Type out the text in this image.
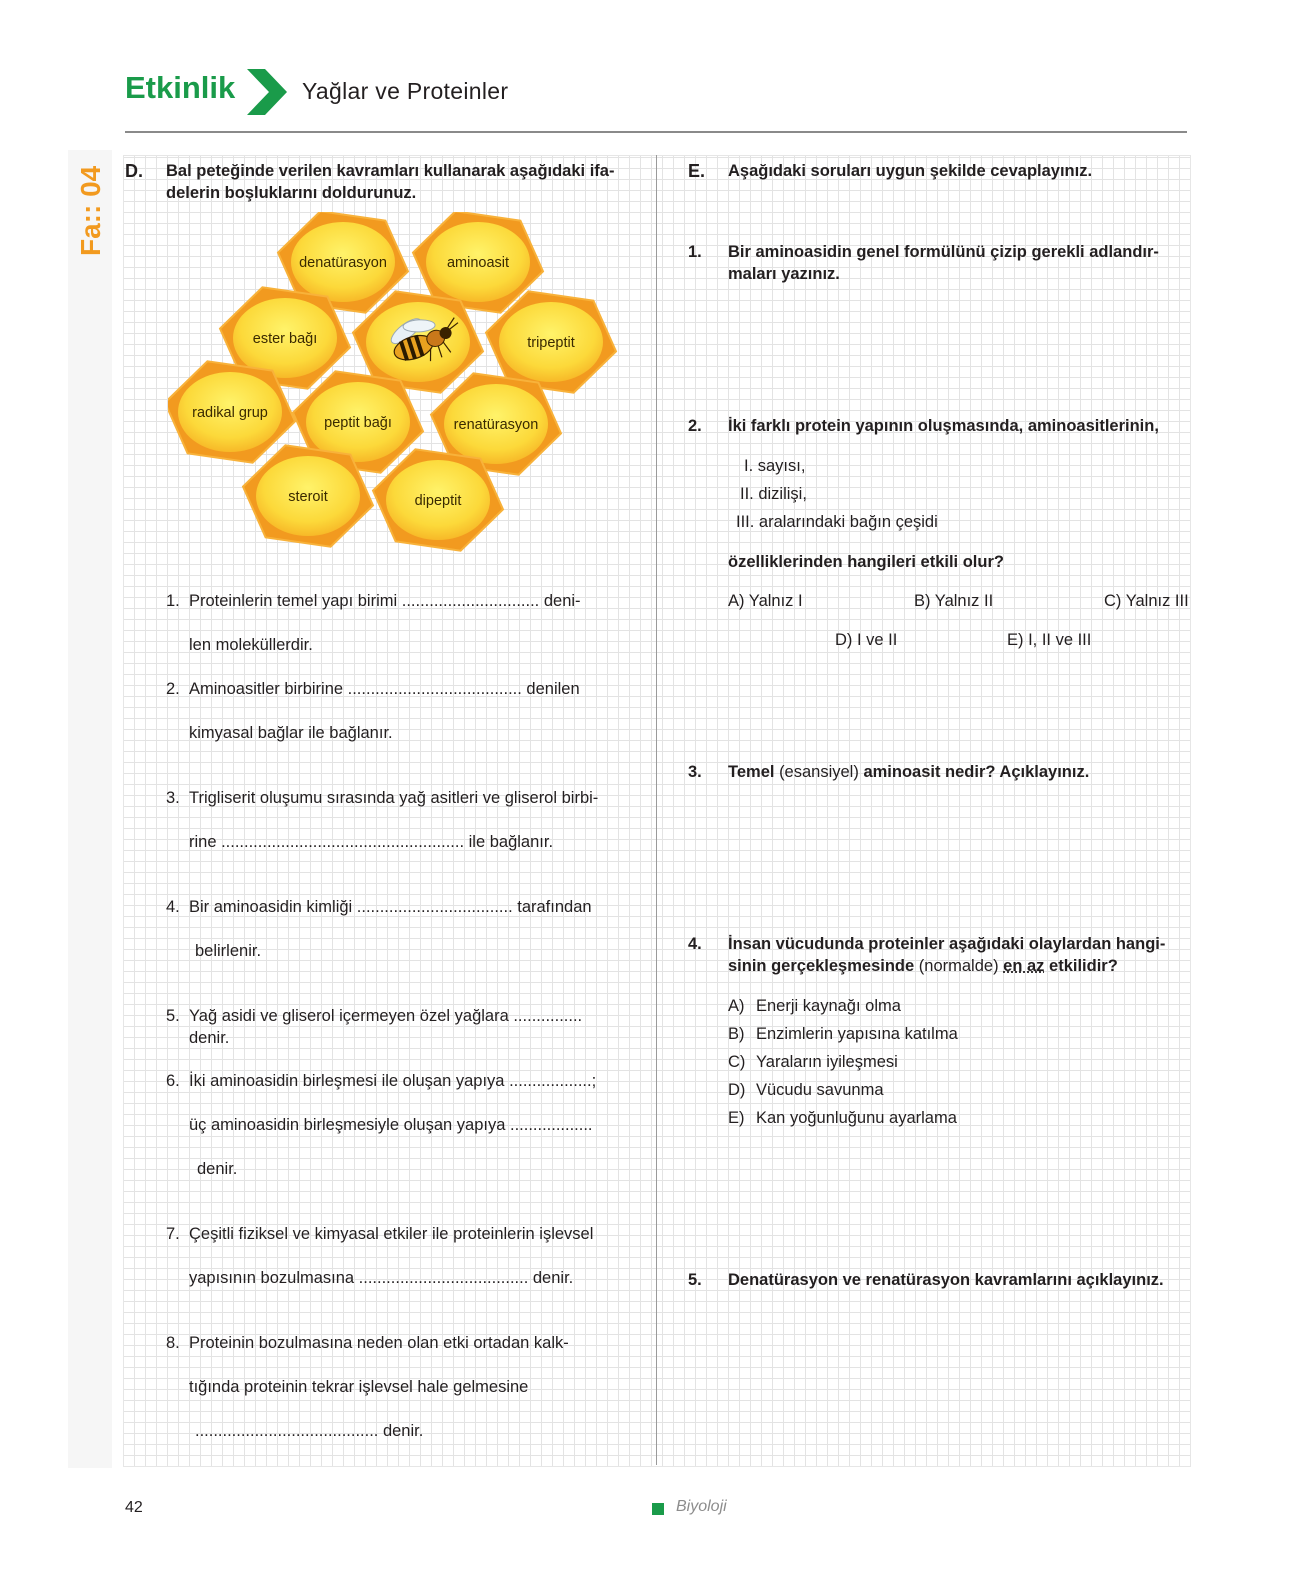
Etkinlik	Yağlar ve Proteinler
Fa:: 04 D. Bal peteğinde verilen kavramları kullanarak aşağıdaki ifa-
delerin boşluklarını doldurunuz.
denatürasyon	aminoasit
ester bağı	tripeptit
radikal grup
peptit bağı	renatürasyon
steroit	dipeptit
1. Proteinlerin temel yapı birimi .............................. deni-
len moleküllerdir.
2. Aminoasitler birbirine ...................................... denilen
kimyasal bağlar ile bağlanır.
3. Trigliserit oluşumu sırasında yağ asitleri ve gliserol birbi-
rine ..................................................... ile bağlanır.
4. Bir aminoasidin kimliği .................................. tarafından
belirlenir.
5. Yağ asidi ve gliserol içermeyen özel yağlara ...............
denir.
6. İki aminoasidin birleşmesi ile oluşan yapıya ..................;
üç aminoasidin birleşmesiyle oluşan yapıya ..................
denir.
7. Çeşitli fiziksel ve kimyasal etkiler ile proteinlerin işlevsel
yapısının bozulmasına ..................................... denir.
8. Proteinin bozulmasına neden olan etki ortadan kalk-
tığında proteinin tekrar işlevsel hale gelmesine
........................................ denir.
E. Aşağıdaki soruları uygun şekilde cevaplayınız.
1. Bir aminoasidin genel formülünü çizip gerekli adlandır-
maları yazınız.
2. İki farklı protein yapının oluşmasında, aminoasitlerinin,
I. sayısı,
II. dizilişi,
III. aralarındaki bağın çeşidi
özelliklerinden hangileri etkili olur?
A) Yalnız I	B) Yalnız II	C) Yalnız III
D) I ve II	E) I, II ve III
3. Temel (esansiyel) aminoasit nedir? Açıklayınız.
4. İnsan vücudunda proteinler aşağıdaki olaylardan hangi-
sinin gerçekleşmesinde (normalde) en az etkilidir?
A) Enerji kaynağı olma
B) Enzimlerin yapısına katılma
C) Yaraların iyileşmesi
D) Vücudu savunma
E) Kan yoğunluğunu ayarlama
5. Denatürasyon ve renatürasyon kavramlarını açıklayınız.
42	Biyoloji
